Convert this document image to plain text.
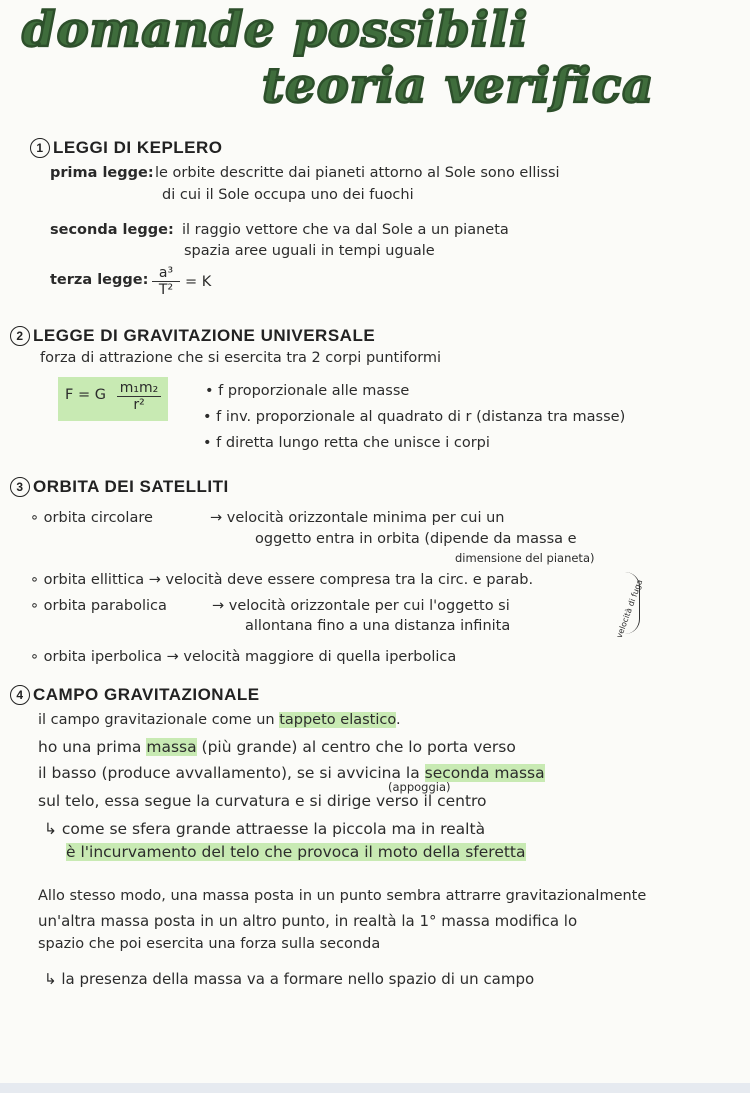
domande possibili
teoria verifica
1 LEGGI DI KEPLERO
prima legge: le orbite descritte dai pianeti attorno al Sole sono ellissi
di cui il Sole occupa uno dei fuochi
seconda legge: il raggio vettore che va dal Sole a un pianeta
spazia aree uguali in tempi uguale
terza legge: $\frac{\text{a³}}{\text{T²}} = K$
2 LEGGE DI GRAVITAZIONE UNIVERSALE
forza di attrazione che si esercita tra 2 corpi puntiformi
F = G $\frac{\text{m₁m₂}}{\text{r²}}$	• f proporzionale alle masse
• f inv. proporzionale al quadrato di r (distanza tra masse)
• f diretta lungo retta che unisce i corpi
3 ORBITA DEI SATELLITI
∘ orbita circolare	→ velocità orizzontale minima per cui un
oggetto entra in orbita (dipende da massa e
dimensione del pianeta)
∘ orbita ellittica → velocità deve essere compresa tra la circ. e parab.
∘ orbita parabolica	→ velocità orizzontale per cui l'oggetto si
allontana fino a una distanza infinita	velocità di fuga
∘ orbita iperbolica → velocità maggiore di quella iperbolica
4 CAMPO GRAVITAZIONALE
il campo gravitazionale come un tappeto elastico.
ho una prima massa (più grande) al centro che lo porta verso
il basso (produce avvallamento), se si avvicina la seconda massa
(appoggia)
sul telo, essa segue la curvatura e si dirige verso il centro
↳ come se sfera grande attraesse la piccola ma in realtà
è l'incurvamento del telo che provoca il moto della sferetta
Allo stesso modo, una massa posta in un punto sembra attrarre gravitazionalmente
un'altra massa posta in un altro punto, in realtà la 1° massa modifica lo
spazio che poi esercita una forza sulla seconda
↳ la presenza della massa va a formare nello spazio di un campo
